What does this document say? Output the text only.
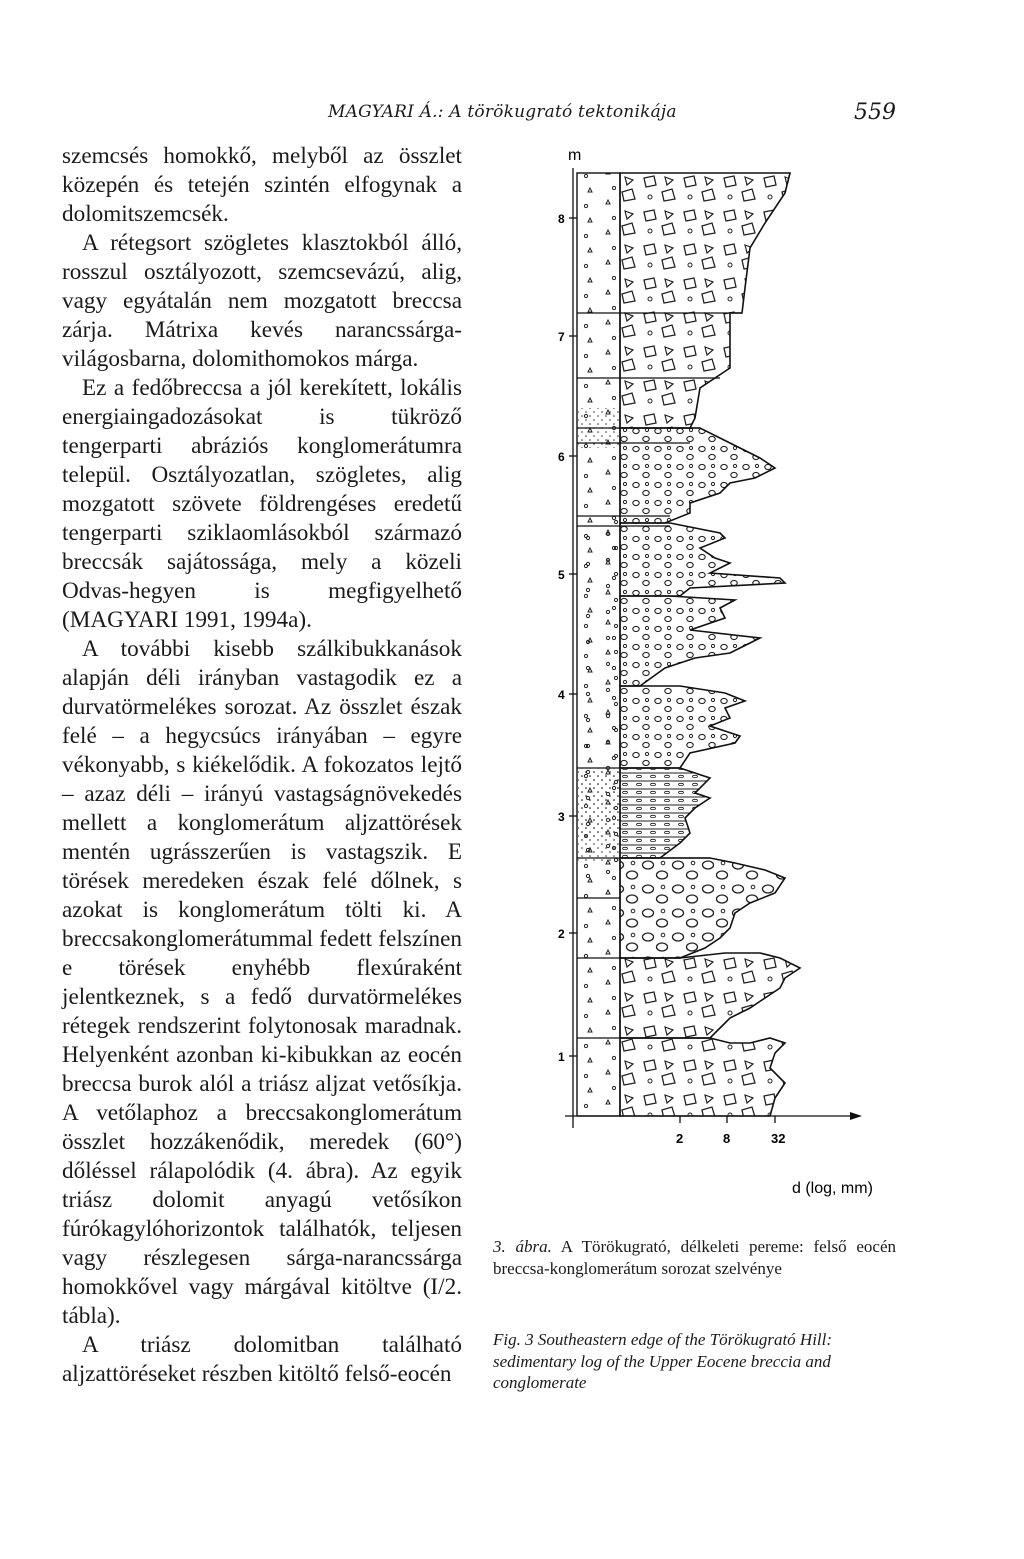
MAGYARI Á.: A törökugrató tektonikája	559

szemcsés homokkő, melyből az összlet közepén és tetején szintén elfogynak a dolomitszemcsék.

A rétegsort szögletes klasztokból álló, rosszul osztályozott, szemcsevázú, alig, vagy egyátalán nem mozgatott breccsa zárja. Mátrixa kevés narancssárga-világosbarna, dolomithomokos márga.

Ez a fedőbreccsa a jól kerekített, lokális energiaingadozásokat is tükröző tengerparti abráziós konglomerátumra települ. Osztályozatlan, szögletes, alig mozgatott szövete földrengéses eredetű tengerparti sziklaomlásokból származó breccsák sajátossága, mely a közeli Odvas-hegyen is megfigyelhető (MAGYARI 1991, 1994a).

A további kisebb szálkibukkanások alapján déli irányban vastagodik ez a durvatörmelékes sorozat. Az összlet észak felé – a hegycsúcs irányában – egyre vékonyabb, s kiékelődik. A fokozatos lejtő – azaz déli – irányú vastagságnövekedés mellett a konglomerátum aljzattörések mentén ugrásszerűen is vastagszik. E törések meredeken észak felé dőlnek, s azokat is konglomerátum tölti ki. A breccsakonglomerátummal fedett felszínen e törések enyhébb flexúraként jelentkeznek, s a fedő durvatörmelékes rétegek rendszerint folytonosak maradnak. Helyenként azonban ki-kibukkan az eocén breccsa burok alól a triász aljzat vetősíkja. A vetőlaphoz a breccsakonglomerátum összlet hozzákenődik, meredek (60°) dőléssel rálapolódik (4. ábra). Az egyik triász dolomit anyagú vetősíkon fúrókagylóhorizontok találhatók, teljesen vagy részlegesen sárga-narancssárga homokkővel vagy márgával kitöltve (I/2. tábla).

A triász dolomitban található aljzattöréseket részben kitöltő felső-eocén

m
8
7
6
5
4
3
2
1
2	8	32
d (log, mm)
3. ábra. A Törökugrató, délkeleti pereme: felső eocén breccsa-konglomerátum sorozat szelvénye
Fig. 3 Southeastern edge of the Törökugrató Hill: sedimentary log of the Upper Eocene breccia and conglomerate
